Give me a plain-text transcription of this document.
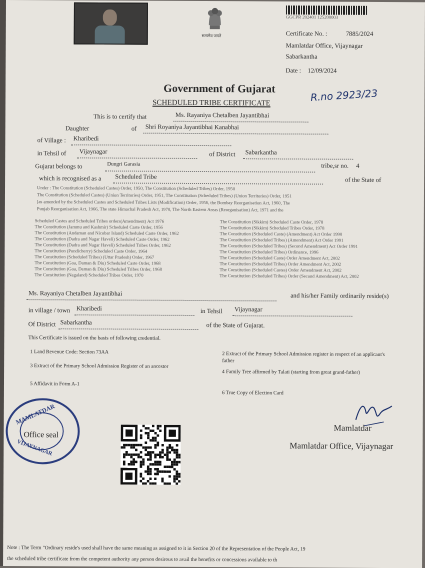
सत्यमेव जयते
GGCPR 202401 125200003
Certificate No. :	7885/2024
Mamlatdar Office, Vijaynagar
Sabarkantha
Date : 12/09/2024
Government of Gujarat
SCHEDULED TRIBE CERTIFICATE	R.no 2923/23
This is to certify that	Ms. Rayaniya Chetalben Jayantibhai
Daughter	of Shri Royaniya Jayantibhai Kanabhai
of Village : Kharibedi
in Tehsil of Vijaynagar	of District Sabarkantha
Gujarat belongs to	Dungri Garasia	tribe,sr no. 4
which is recognised as a Scheduled Tribe	of the State of
Under : The Constitution (Scheduled Castes) Order, 1950, The Constitution (Scheduled Tribes) Order, 1950
The Constitution (Scheduled Castes) (Union Territories) Order, 1951, The Constitution (Scheduled Tribes) (Union Territories) Order, 1951
[as amended by the Scheduled Castes and Scheduled Tribes Lists (Modification) Order, 1956, the Bombay Reorganisation Act, 1960, The
Punjab Reorganisation Act, 1966, The state Himachal Pradesh Act, 1970, The North Eastern Areas (Reorganisation) Act, 1971 and the
Scheduled Castes and Scheduled Tribes orders(Amendment) Act 1976
The Constitution (Jammu and Kashmir) Scheduled Caste Order, 1956
The Constitution (Andaman and Nicobar Island) Scheduled Caste Order, 1962
The Constitution (Dadra and Nagar Haveli) Scheduled Caste Order, 1962
The Constitution (Dadra and Nagar Haveli) Scheduled Tribes Order, 1962
The Constitution (Pondicherry) Scheduled Caste Order, 1964
The Constitution (Scheduled Tribes) (Uttar Pradesh) Order, 1967
The Constitution (Goa, Daman & Diu) Scheduled Caste Order, 1968
The Constitution (Goa, Daman & Diu) Scheduled Tribes Order, 1968
The Constitution (Nagaland) Scheduled Tribes Order, 1970
The Constitution (Sikkim) Scheduled Caste Order, 1978
The Constitution (Sikkim) Scheduled Tribes Order, 1978
The Constitution (Scheduled Caste) (Amendment) Act Order 1990
The Constitution (Scheduled Tribes) (Amendment) Act Order 1991
The Constitution (Scheduled Tribes) (Second Amendment) Act Order 1991
The Constitution (Scheduled Tribes) Ordinance, 1996
The Constitution (Scheduled Caste) Order Amendment Act, 2002
The Constitution (Scheduled Tribes) Order Amendment Act, 2002
The Constitution (Scheduled Castes) Order Amendment Act, 2002
The Constitution (Scheduled Tribes) Order (Second Amendment) Act, 2002
Ms. Rayaniya Chetalben Jayantibhai	and his/her Family ordinarily reside(s)
in village / town Kharibedi	in Tehsil Vijaynagar
Of District Sabarkantha	of the State of Gujarat.
This Certificate is issued on the basis of following credential.
1 Land Revenue Code: Section 73AA
3 Extract of the Primary School Admission Register of an ancestor
5 Affidavit in Form A-1
2 Extract of the Primary School Admission register in respect of an applicant's father
4 Family Tree affirmed by Talati (starting from great grand-father)
6 True Copy of Election Card
MAMLATDAR
Office seal
VIJAYNAGAR
Mamlatdar
Mamlatdar Office, Vijaynagar
Note : The Term "Ordinary reside's used shall have the same meaning as assigned to it in Section 20 of the Representation of the People Act, 19
the scheduled tribe certificate from the competent authority any person desirous to avail the benefits or concessions available to th
